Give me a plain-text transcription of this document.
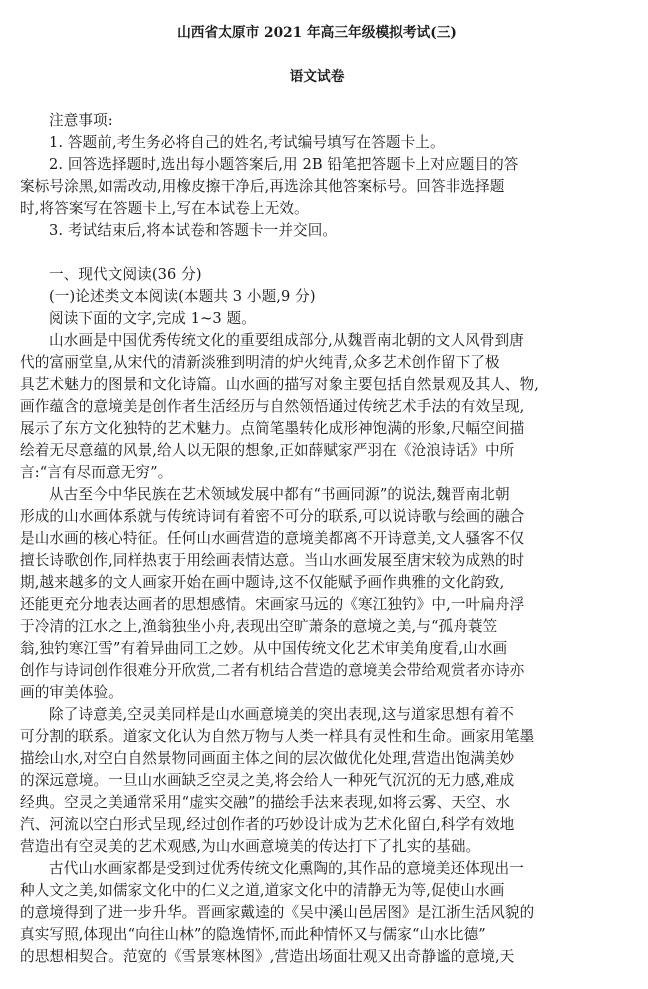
山西省太原市 2021 年高三年级模拟考试(三)
语文试卷
注意事项:
1. 答题前,考生务必将自己的姓名,考试编号填写在答题卡上。
2. 回答选择题时,选出每小题答案后,用 2B 铅笔把答题卡上对应题目的答
案标号涂黑,如需改动,用橡皮擦干净后,再选涂其他答案标号。回答非选择题
时,将答案写在答题卡上,写在本试卷上无效。
3. 考试结束后,将本试卷和答题卡一并交回。
一、现代文阅读(36 分)
(一)论述类文本阅读(本题共 3 小题,9 分)
阅读下面的文字,完成 1~3 题。
山水画是中国优秀传统文化的重要组成部分,从魏晋南北朝的文人风骨到唐
代的富丽堂皇,从宋代的清新淡雅到明清的炉火纯青,众多艺术创作留下了极
具艺术魅力的图景和文化诗篇。山水画的描写对象主要包括自然景观及其人、物,
画作蕴含的意境美是创作者生活经历与自然领悟通过传统艺术手法的有效呈现,
展示了东方文化独特的艺术魅力。点简笔墨转化成形神饱满的形象,尺幅空间描
绘着无尽意蕴的风景,给人以无限的想象,正如薛赋家严羽在《沧浪诗话》中所
言:“言有尽而意无穷”。
从古至今中华民族在艺术领域发展中都有“书画同源”的说法,魏晋南北朝
形成的山水画体系就与传统诗词有着密不可分的联系,可以说诗歌与绘画的融合
是山水画的核心特征。任何山水画营造的意境美都离不开诗意美,文人骚客不仅
擅长诗歌创作,同样热衷于用绘画表情达意。当山水画发展至唐宋较为成熟的时
期,越来越多的文人画家开始在画中题诗,这不仅能赋予画作典雅的文化韵致,
还能更充分地表达画者的思想感情。宋画家马远的《寒江独钓》中,一叶扁舟浮
于冷清的江水之上,渔翁独坐小舟,表现出空旷萧条的意境之美,与“孤舟蓑笠
翁,独钓寒江雪”有着异曲同工之妙。从中国传统文化艺术审美角度看,山水画
创作与诗词创作很难分开欣赏,二者有机结合营造的意境美会带给观赏者亦诗亦
画的审美体验。
除了诗意美,空灵美同样是山水画意境美的突出表现,这与道家思想有着不
可分割的联系。道家文化认为自然万物与人类一样具有灵性和生命。画家用笔墨
描绘山水,对空白自然景物同画面主体之间的层次做优化处理,营造出饱满美妙
的深远意境。一旦山水画缺乏空灵之美,将会给人一种死气沉沉的无力感,难成
经典。空灵之美通常采用“虚实交融”的描绘手法来表现,如将云雾、天空、水
汽、河流以空白形式呈现,经过创作者的巧妙设计成为艺术化留白,科学有效地
营造出有空灵美的艺术观感,为山水画意境美的传达打下了扎实的基础。
古代山水画家都是受到过优秀传统文化熏陶的,其作品的意境美还体现出一
种人文之美,如儒家文化中的仁义之道,道家文化中的清静无为等,促使山水画
的意境得到了进一步升华。晋画家戴逵的《吴中溪山邑居图》是江浙生活风貌的
真实写照,体现出“向往山林”的隐逸情怀,而此种情怀又与儒家“山水比德”
的思想相契合。范宽的《雪景寒林图》,营造出场面壮观又出奇静谧的意境,天
